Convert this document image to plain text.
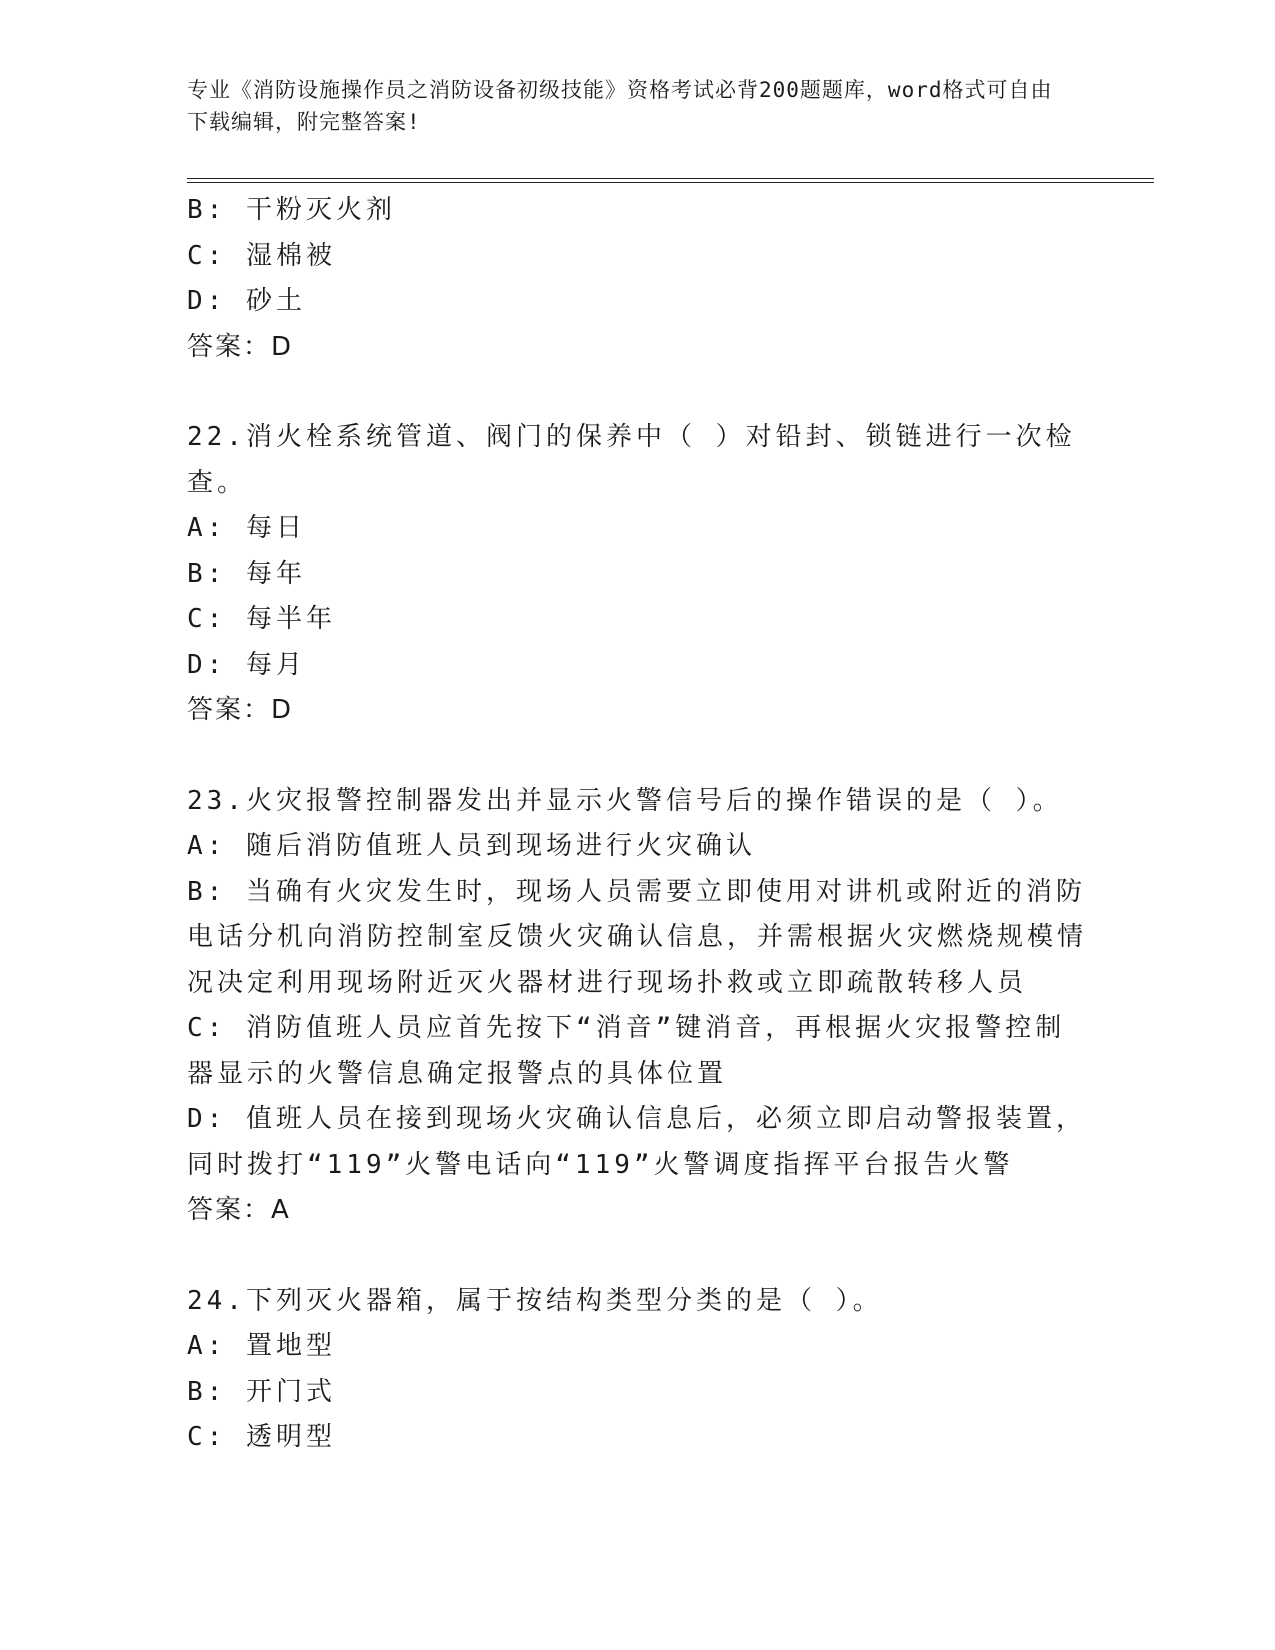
专业《消防设施操作员之消防设备初级技能》资格考试必背200题题库，word格式可自由下载编辑，附完整答案!

B: 干粉灭火剂

C: 湿棉被

D: 砂土

答案：D

22.消火栓系统管道、阀门的保养中（ ）对铅封、锁链进行一次检查。

A: 每日

B: 每年

C: 每半年

D: 每月

答案：D

23.火灾报警控制器发出并显示火警信号后的操作错误的是（ ）。

A: 随后消防值班人员到现场进行火灾确认

B: 当确有火灾发生时，现场人员需要立即使用对讲机或附近的消防电话分机向消防控制室反馈火灾确认信息，并需根据火灾燃烧规模情况决定利用现场附近灭火器材进行现场扑救或立即疏散转移人员

C: 消防值班人员应首先按下“消音”键消音，再根据火灾报警控制器显示的火警信息确定报警点的具体位置

D: 值班人员在接到现场火灾确认信息后，必须立即启动警报装置，同时拨打“119”火警电话向“119”火警调度指挥平台报告火警

答案：A

24.下列灭火器箱，属于按结构类型分类的是（ ）。

A: 置地型

B: 开门式

C: 透明型
